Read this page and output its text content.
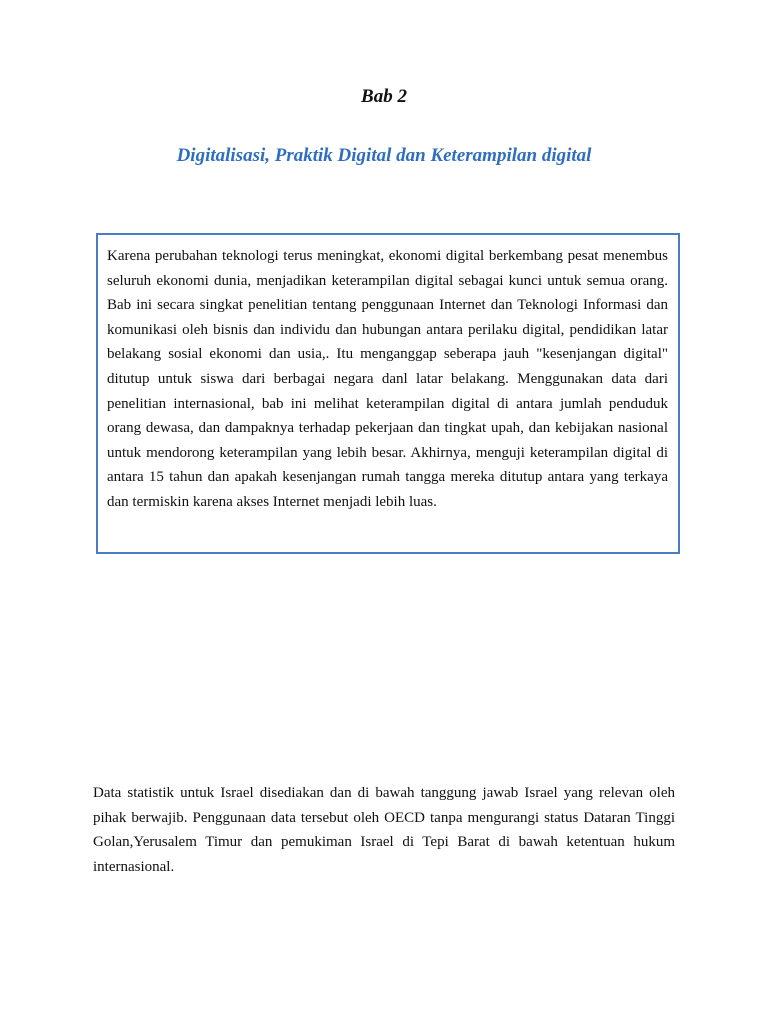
Bab 2
Digitalisasi, Praktik Digital dan Keterampilan digital

Karena perubahan teknologi terus meningkat, ekonomi digital berkembang pesat menembus seluruh ekonomi dunia, menjadikan keterampilan digital sebagai kunci untuk semua orang. Bab ini secara singkat penelitian tentang penggunaan Internet dan Teknologi Informasi dan komunikasi oleh bisnis dan individu dan hubungan antara perilaku digital, pendidikan latar belakang sosial ekonomi dan usia,. Itu menganggap seberapa jauh "kesenjangan digital" ditutup untuk siswa dari berbagai negara danl latar belakang. Menggunakan data dari penelitian internasional, bab ini melihat keterampilan digital di antara jumlah penduduk orang dewasa, dan dampaknya terhadap pekerjaan dan tingkat upah, dan kebijakan nasional untuk mendorong keterampilan yang lebih besar. Akhirnya, menguji keterampilan digital di antara 15 tahun dan apakah kesenjangan rumah tangga mereka ditutup antara yang terkaya dan termiskin karena akses Internet menjadi lebih luas.

Data statistik untuk Israel disediakan dan di bawah tanggung jawab Israel yang relevan oleh pihak berwajib. Penggunaan data tersebut oleh OECD tanpa mengurangi status Dataran Tinggi Golan,Yerusalem Timur dan pemukiman Israel di Tepi Barat di bawah ketentuan hukum internasional.
